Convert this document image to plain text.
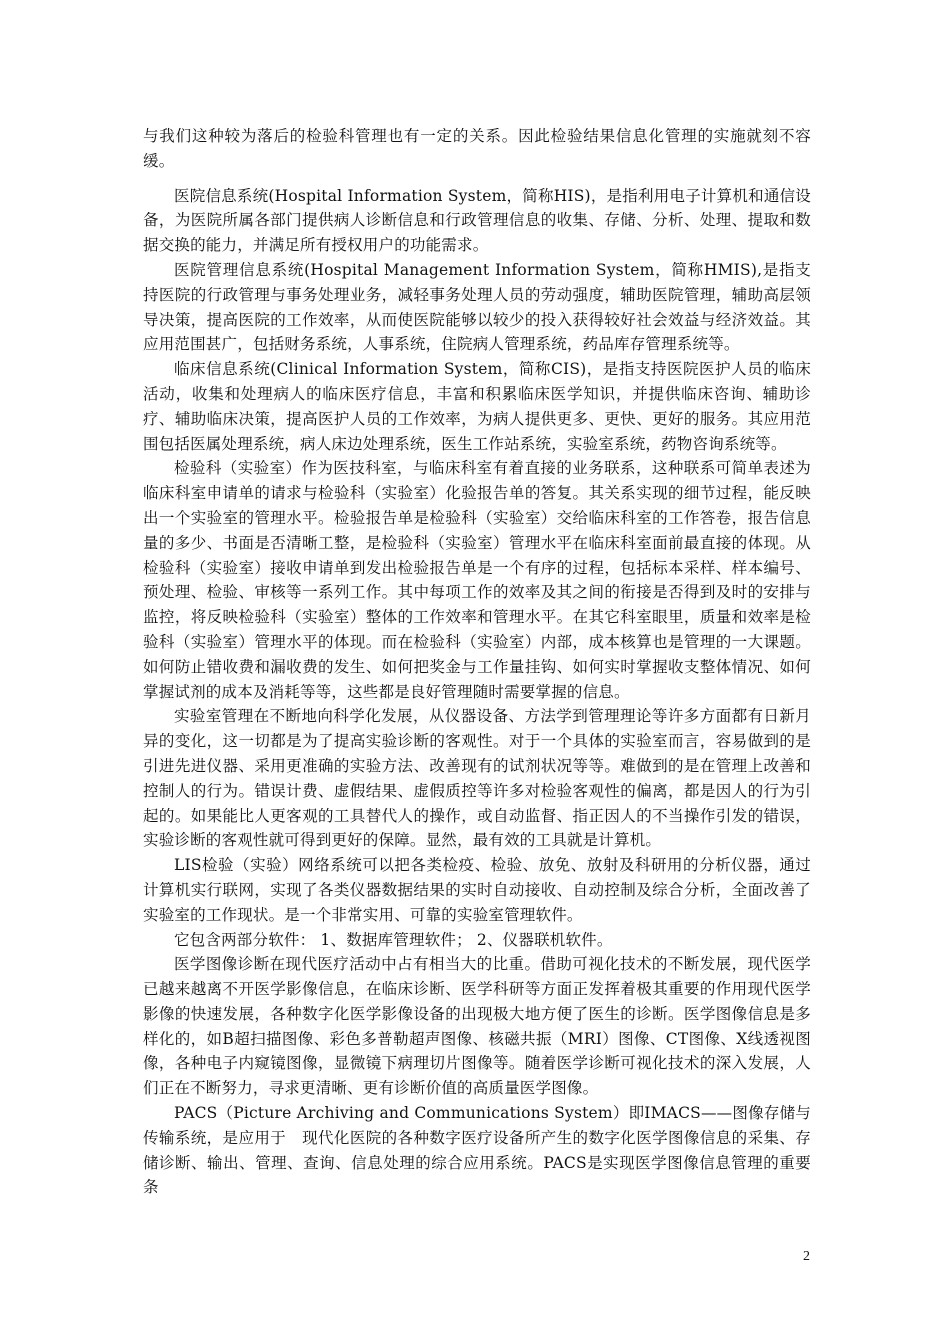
与我们这种较为落后的检验科管理也有一定的关系。因此检验结果信息化管理的实施就刻不容缓。

医院信息系统(Hospital Information System，简称HIS)，是指利用电子计算机和通信设备，为医院所属各部门提供病人诊断信息和行政管理信息的收集、存储、分析、处理、提取和数据交换的能力，并满足所有授权用户的功能需求。

医院管理信息系统(Hospital Management Information System，简称HMIS),是指支持医院的行政管理与事务处理业务，减轻事务处理人员的劳动强度，辅助医院管理，辅助高层领导决策，提高医院的工作效率，从而使医院能够以较少的投入获得较好社会效益与经济效益。其应用范围甚广，包括财务系统，人事系统，住院病人管理系统，药品库存管理系统等。

临床信息系统(Clinical Information System，简称CIS)，是指支持医院医护人员的临床活动，收集和处理病人的临床医疗信息，丰富和积累临床医学知识，并提供临床咨询、辅助诊疗、辅助临床决策，提高医护人员的工作效率，为病人提供更多、更快、更好的服务。其应用范围包括医属处理系统，病人床边处理系统，医生工作站系统，实验室系统，药物咨询系统等。

检验科（实验室）作为医技科室，与临床科室有着直接的业务联系，这种联系可简单表述为临床科室申请单的请求与检验科（实验室）化验报告单的答复。其关系实现的细节过程，能反映出一个实验室的管理水平。检验报告单是检验科（实验室）交给临床科室的工作答卷，报告信息量的多少、书面是否清晰工整，是检验科（实验室）管理水平在临床科室面前最直接的体现。从检验科（实验室）接收申请单到发出检验报告单是一个有序的过程，包括标本采样、样本编号、预处理、检验、审核等一系列工作。其中每项工作的效率及其之间的衔接是否得到及时的安排与监控，将反映检验科（实验室）整体的工作效率和管理水平。在其它科室眼里，质量和效率是检验科（实验室）管理水平的体现。而在检验科（实验室）内部，成本核算也是管理的一大课题。如何防止错收费和漏收费的发生、如何把奖金与工作量挂钩、如何实时掌握收支整体情况、如何掌握试剂的成本及消耗等等，这些都是良好管理随时需要掌握的信息。

实验室管理在不断地向科学化发展，从仪器设备、方法学到管理理论等许多方面都有日新月异的变化，这一切都是为了提高实验诊断的客观性。对于一个具体的实验室而言，容易做到的是引进先进仪器、采用更准确的实验方法、改善现有的试剂状况等等。难做到的是在管理上改善和控制人的行为。错误计费、虚假结果、虚假质控等许多对检验客观性的偏离，都是因人的行为引起的。如果能比人更客观的工具替代人的操作，或自动监督、指正因人的不当操作引发的错误，实验诊断的客观性就可得到更好的保障。显然，最有效的工具就是计算机。

LIS检验（实验）网络系统可以把各类检疫、检验、放免、放射及科研用的分析仪器，通过计算机实行联网，实现了各类仪器数据结果的实时自动接收、自动控制及综合分析，全面改善了实验室的工作现状。是一个非常实用、可靠的实验室管理软件。

它包含两部分软件： 1、数据库管理软件； 2、仪器联机软件。

医学图像诊断在现代医疗活动中占有相当大的比重。借助可视化技术的不断发展，现代医学已越来越离不开医学影像信息，在临床诊断、医学科研等方面正发挥着极其重要的作用现代医学影像的快速发展，各种数字化医学影像设备的出现极大地方便了医生的诊断。医学图像信息是多样化的，如B超扫描图像、彩色多普勒超声图像、核磁共振（MRI）图像、CT图像、X线透视图像，各种电子内窥镜图像，显微镜下病理切片图像等。随着医学诊断可视化技术的深入发展，人们正在不断努力，寻求更清晰、更有诊断价值的高质量医学图像。

PACS（Picture Archiving and Communications System）即IMACS——图像存储与传输系统，是应用于　现代化医院的各种数字医疗设备所产生的数字化医学图像信息的采集、存储诊断、输出、管理、查询、信息处理的综合应用系统。PACS是实现医学图像信息管理的重要条

2
